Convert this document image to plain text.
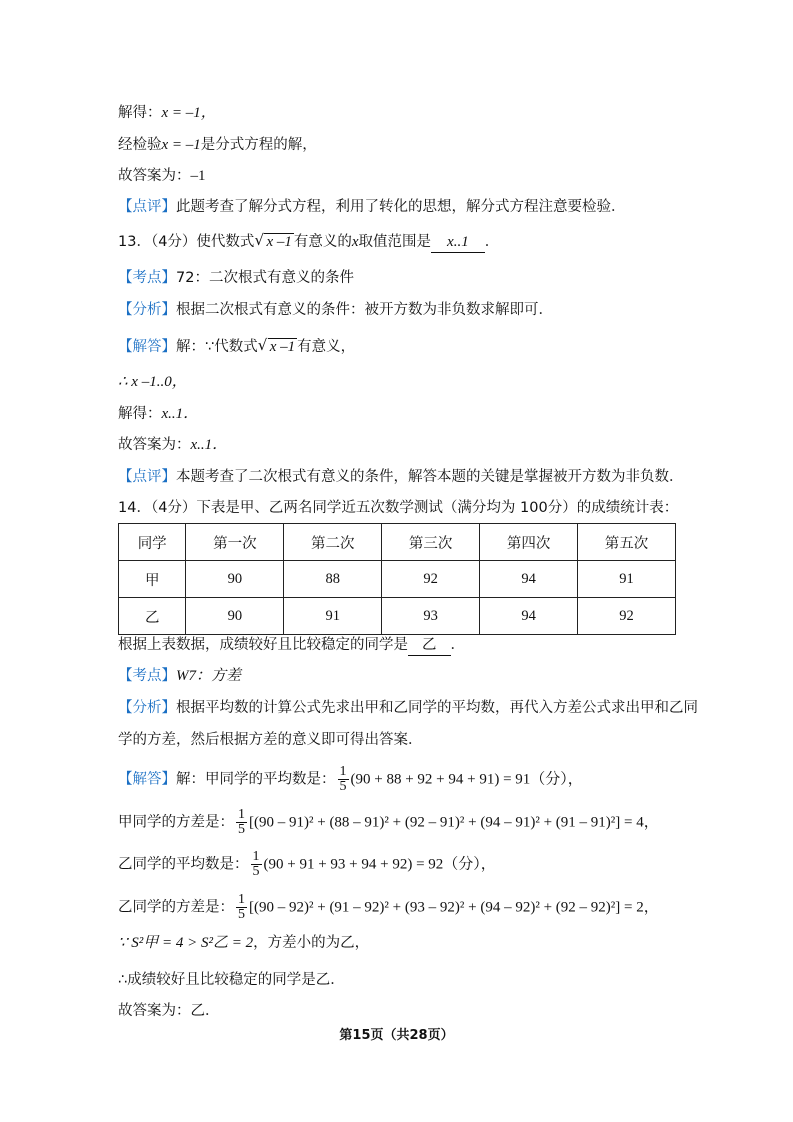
解得：x = –1，
经检验x = –1是分式方程的解，
故答案为：–1
【点评】此题考查了解分式方程，利用了转化的思想，解分式方程注意要检验．
13．（4分）使代数式 √ x –1 有意义的x取值范围是 x..1 ．
【考点】72：二次根式有意义的条件
【分析】根据二次根式有意义的条件：被开方数为非负数求解即可．
【解答】解：∵代数式 √ x –1 有意义，
∴ x –1..0，
解得：x..1．
故答案为：x..1．
【点评】本题考查了二次根式有意义的条件，解答本题的关键是掌握被开方数为非负数．
14．（4分）下表是甲、乙两名同学近五次数学测试（满分均为 100分）的成绩统计表：
同学	第一次	第二次	第三次	第四次	第五次
甲	90	88	92	94	91
乙	90	91	93	94	92
根据上表数据，成绩较好且比较稳定的同学是 乙 ．
【考点】W7：方差
【分析】根据平均数的计算公式先求出甲和乙同学的平均数，再代入方差公式求出甲和乙同
学的方差，然后根据方差的意义即可得出答案．
【解答】解：甲同学的平均数是： $\frac{1}{5} (90 + 88 + 92 + 94 + 91) = 91$（分），
甲同学的方差是： $\frac{1}{5} [(90 - 91)^2 + (88 - 91)^2 + (92 - 91)^2 + (94 - 91)^2 + (91 - 91)^2] = 4$，
乙同学的平均数是： $\frac{1}{5} (90 + 91 + 93 + 94 + 92) = 92$（分），
乙同学的方差是： $\frac{1}{5} [(90 - 92)^2 + (91 - 92)^2 + (93 - 92)^2 + (94 - 92)^2 + (92 - 92)^2] = 2$，
∵ S²甲 = 4 > S²乙 = 2，方差小的为乙，
∴成绩较好且比较稳定的同学是乙．
故答案为：乙．
第15页（共28页）
